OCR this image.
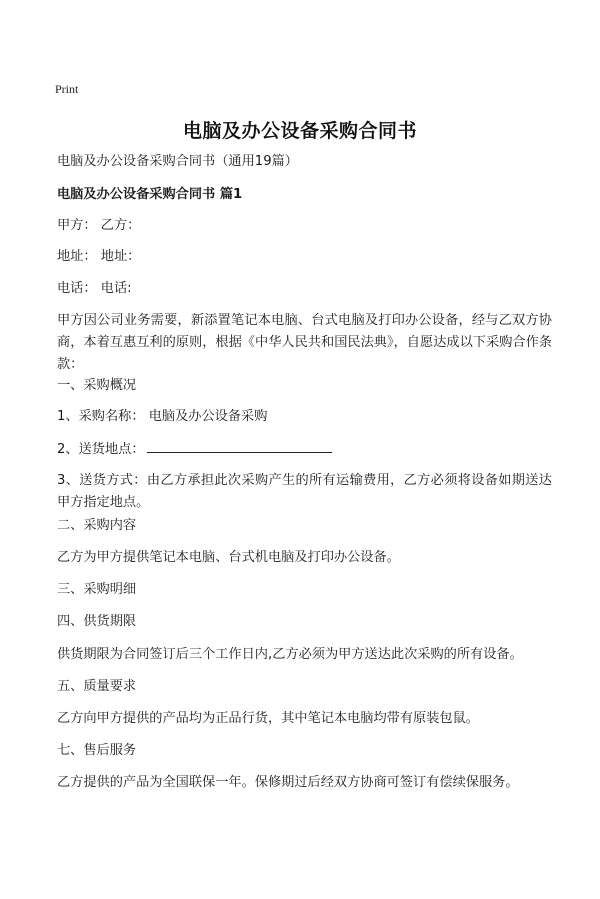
Print
电脑及办公设备采购合同书
电脑及办公设备采购合同书（通用19篇）
电脑及办公设备采购合同书 篇1
甲方： 乙方：
地址： 地址：
电话： 电话:
甲方因公司业务需要，新添置笔记本电脑、台式电脑及打印办公设备，经与乙双方协商，本着互惠互利的原则，根据《中华人民共和国民法典》，自愿达成以下采购合作条款：
一、采购概况
1、采购名称： 电脑及办公设备采购
2、送货地点：
3、送货方式：由乙方承担此次采购产生的所有运输费用，乙方必须将设备如期送达甲方指定地点。
二、采购内容
乙方为甲方提供笔记本电脑、台式机电脑及打印办公设备。
三、采购明细
四、供货期限
供货期限为合同签订后三个工作日内,乙方必须为甲方送达此次采购的所有设备。
五、质量要求
乙方向甲方提供的产品均为正品行货，其中笔记本电脑均带有原装包鼠。
七、售后服务
乙方提供的产品为全国联保一年。保修期过后经双方协商可签订有偿续保服务。
